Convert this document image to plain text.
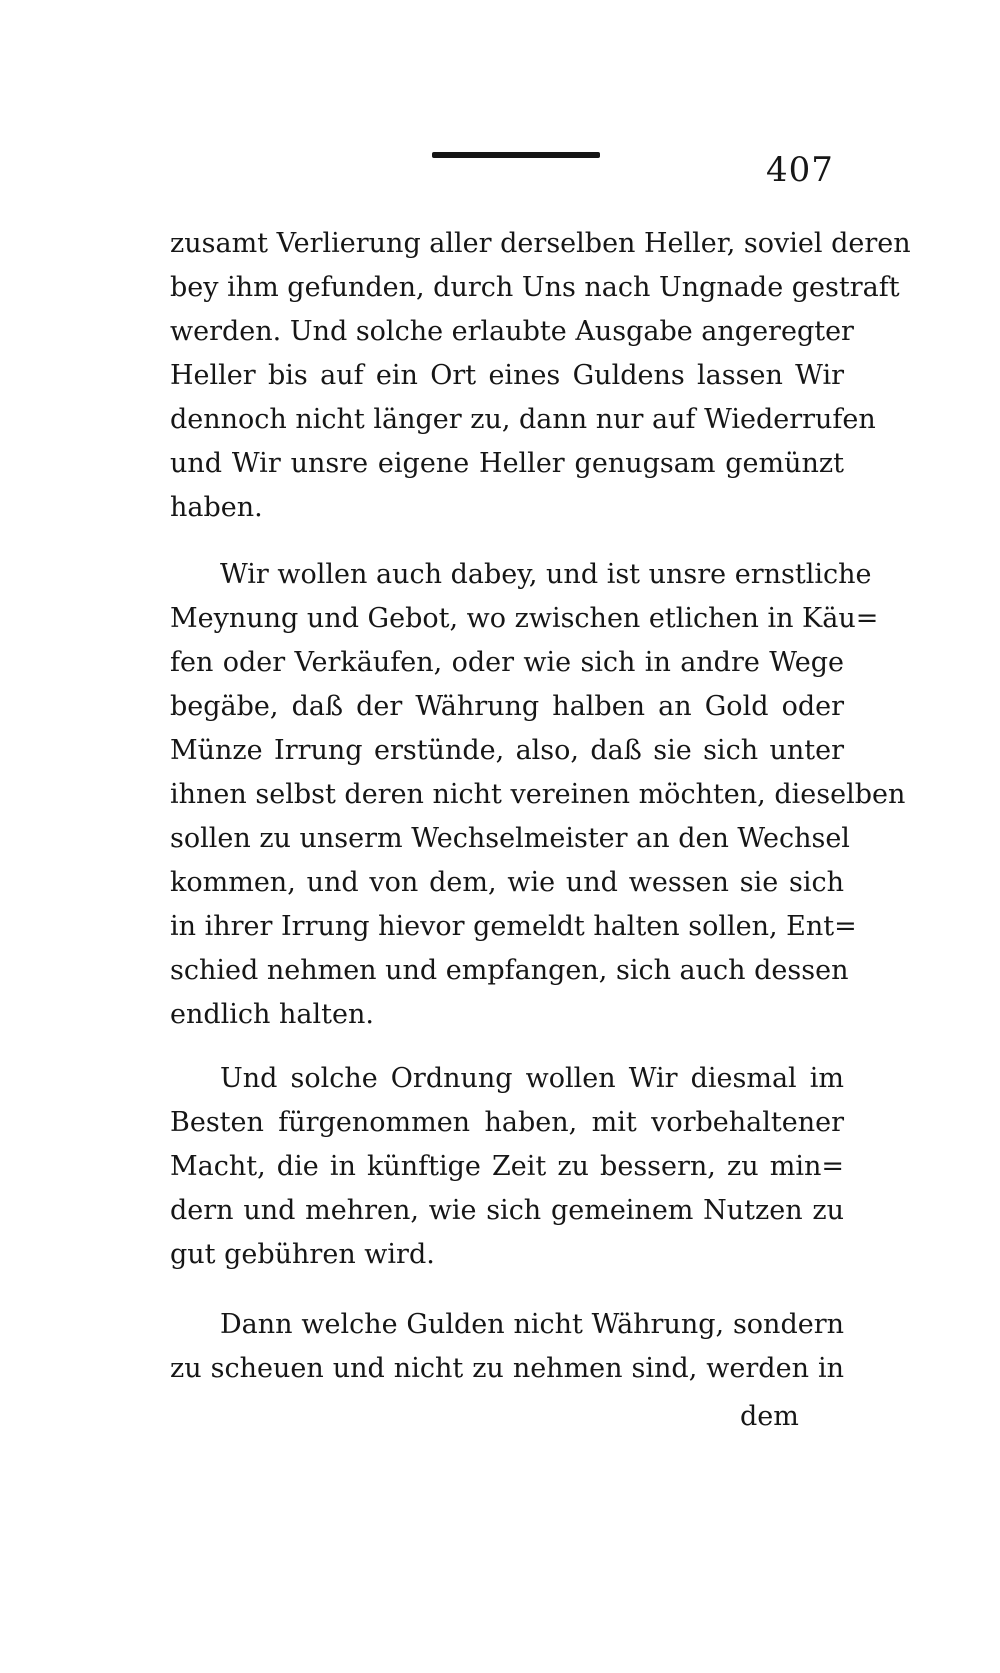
407
zusamt Verlierung aller derselben Heller, soviel deren
bey ihm gefunden, durch Uns nach Ungnade gestraft
werden. Und solche erlaubte Ausgabe angeregter
Heller bis auf ein Ort eines Guldens lassen Wir
dennoch nicht länger zu, dann nur auf Wiederrufen
und Wir unsre eigene Heller genugsam gemünzt
haben.
Wir wollen auch dabey, und ist unsre ernstliche
Meynung und Gebot, wo zwischen etlichen in Käu=
fen oder Verkäufen, oder wie sich in andre Wege
begäbe, daß der Währung halben an Gold oder
Münze Irrung erstünde, also, daß sie sich unter
ihnen selbst deren nicht vereinen möchten, dieselben
sollen zu unserm Wechselmeister an den Wechsel
kommen, und von dem, wie und wessen sie sich
in ihrer Irrung hievor gemeldt halten sollen, Ent=
schied nehmen und empfangen, sich auch dessen
endlich halten.
Und solche Ordnung wollen Wir diesmal im
Besten fürgenommen haben, mit vorbehaltener
Macht, die in künftige Zeit zu bessern, zu min=
dern und mehren, wie sich gemeinem Nutzen zu
gut gebühren wird.
Dann welche Gulden nicht Währung, sondern
zu scheuen und nicht zu nehmen sind, werden in
dem
